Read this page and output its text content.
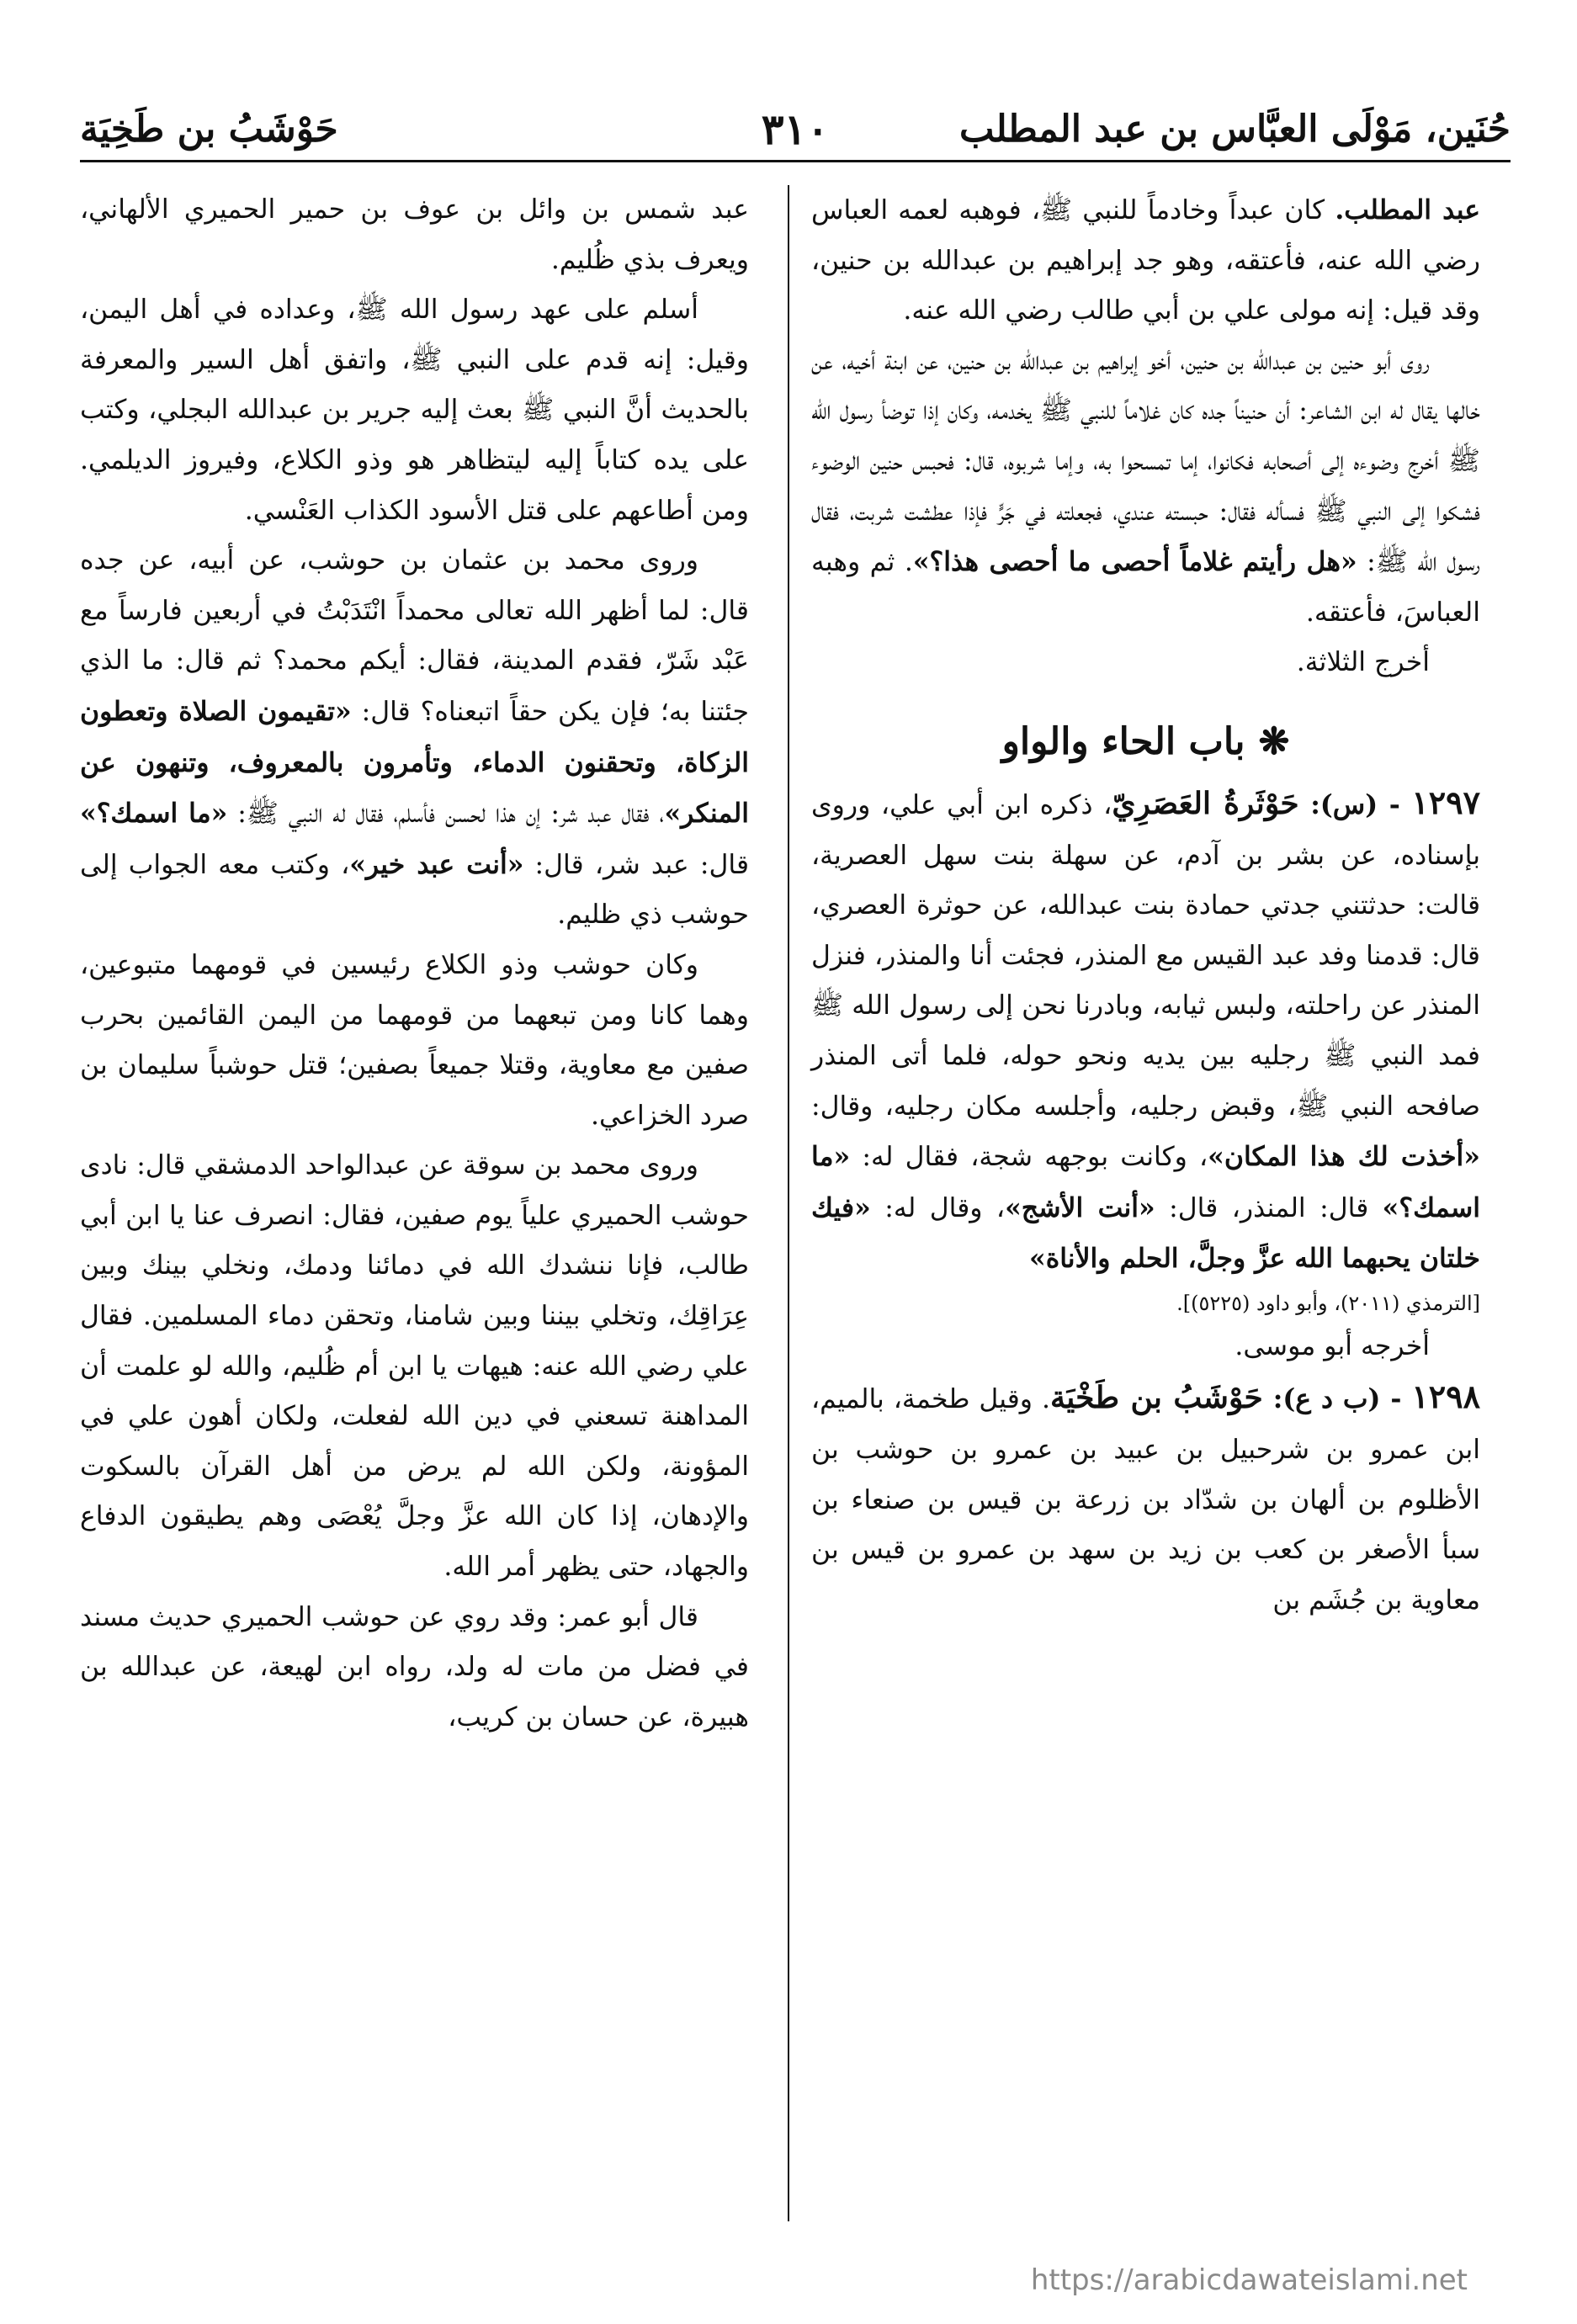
حُنَين، مَوْلَى العبَّاس بن عبد المطلب
٣١٠
حَوْشَبُ بن طَخِيَة

عبد المطلب. كان عبداً وخادماً للنبي ﷺ، فوهبه لعمه العباس رضي الله عنه، فأعتقه، وهو جد إبراهيم بن عبدالله بن حنين، وقد قيل: إنه مولى علي بن أبي طالب رضي الله عنه.

روى أبو حنين بن عبدالله بن حنين، أخو إبراهيم بن عبدالله بن حنين، عن ابنة أخيه، عن خالها يقال له ابن الشاعر: أن حنيناً جده كان غلاماً للنبي ﷺ يخدمه، وكان إذا توضأ رسول الله ﷺ أخرج وضوءه إلى أصحابه فكانوا، إما تمسحوا به، وإما شربوه، قال: فحبس حنين الوضوء فشكوا إلى النبي ﷺ فسأله فقال: حبسته عندي، فجعلته في جَرٍّ فإذا عطشت شربت، فقال رسول الله ﷺ: «هل رأيتم غلاماً أحصى ما أحصى هذا؟». ثم وهبه العباسَ، فأعتقه.

أخرج الثلاثة.

❋باب الحاء والواو

١٢٩٧ - (س): حَوْثَرةُ العَصَرِيّ، ذكره ابن أبي علي، وروى بإسناده، عن بشر بن آدم، عن سهلة بنت سهل العصرية، قالت: حدثتني جدتي حمادة بنت عبدالله، عن حوثرة العصري، قال: قدمنا وفد عبد القيس مع المنذر، فجئت أنا والمنذر، فنزل المنذر عن راحلته، ولبس ثيابه، وبادرنا نحن إلى رسول الله ﷺ فمد النبي ﷺ رجليه بين يديه ونحو حوله، فلما أتى المنذر صافحه النبي ﷺ، وقبض رجليه، وأجلسه مكان رجليه، وقال: «أخذت لك هذا المكان»، وكانت بوجهه شجة، فقال له: «ما اسمك؟» قال: المنذر، قال: «أنت الأشج»، وقال له: «فيك خلتان يحبهما الله عزَّ وجلَّ، الحلم والأناة»

[الترمذي (٢٠١١)، وأبو داود (٥٢٢٥)].

أخرجه أبو موسى.

١٢٩٨ - (ب د ع): حَوْشَبُ بن طَخْيَة. وقيل طخمة، بالميم، ابن عمرو بن شرحبيل بن عبيد بن عمرو بن حوشب بن الأظلوم بن ألهان بن شدّاد بن زرعة بن قيس بن صنعاء بن سبأ الأصغر بن كعب بن زيد بن سهد بن عمرو بن قيس بن معاوية بن جُشَم بن

عبد شمس بن وائل بن عوف بن حمير الحميري الألهاني، ويعرف بذي ظُليم.

أسلم على عهد رسول الله ﷺ، وعداده في أهل اليمن، وقيل: إنه قدم على النبي ﷺ، واتفق أهل السير والمعرفة بالحديث أنَّ النبي ﷺ بعث إليه جرير بن عبدالله البجلي، وكتب على يده كتاباً إليه ليتظاهر هو وذو الكلاع، وفيروز الديلمي. ومن أطاعهم على قتل الأسود الكذاب العَنْسي.

وروى محمد بن عثمان بن حوشب، عن أبيه، عن جده قال: لما أظهر الله تعالى محمداً انْتَدَبْتُ في أربعين فارساً مع عَبْد شَرّ، فقدم المدينة، فقال: أيكم محمد؟ ثم قال: ما الذي جئتنا به؛ فإن يكن حقاً اتبعناه؟ قال: «تقيمون الصلاة وتعطون الزكاة، وتحقنون الدماء، وتأمرون بالمعروف، وتنهون عن المنكر»، فقال عبد شر: إن هذا لحسن فأسلم، فقال له النبي ﷺ: «ما اسمك؟» قال: عبد شر، قال: «أنت عبد خير»، وكتب معه الجواب إلى حوشب ذي ظليم.

وكان حوشب وذو الكلاع رئيسين في قومهما متبوعين، وهما كانا ومن تبعهما من قومهما من اليمن القائمين بحرب صفين مع معاوية، وقتلا جميعاً بصفين؛ قتل حوشباً سليمان بن صرد الخزاعي.

وروى محمد بن سوقة عن عبدالواحد الدمشقي قال: نادى حوشب الحميري علياً يوم صفين، فقال: انصرف عنا يا ابن أبي طالب، فإنا ننشدك الله في دمائنا ودمك، ونخلي بينك وبين عِرَاقِك، وتخلي بيننا وبين شامنا، وتحقن دماء المسلمين. فقال علي رضي الله عنه: هيهات يا ابن أم ظُليم، والله لو علمت أن المداهنة تسعني في دين الله لفعلت، ولكان أهون علي في المؤونة، ولكن الله لم يرض من أهل القرآن بالسكوت والإدهان، إذا كان الله عزَّ وجلَّ يُعْصَى وهم يطيقون الدفاع والجهاد، حتى يظهر أمر الله.

قال أبو عمر: وقد روي عن حوشب الحميري حديث مسند في فضل من مات له ولد، رواه ابن لهيعة، عن عبدالله بن هبيرة، عن حسان بن كريب،

https://arabicdawateislami.net
